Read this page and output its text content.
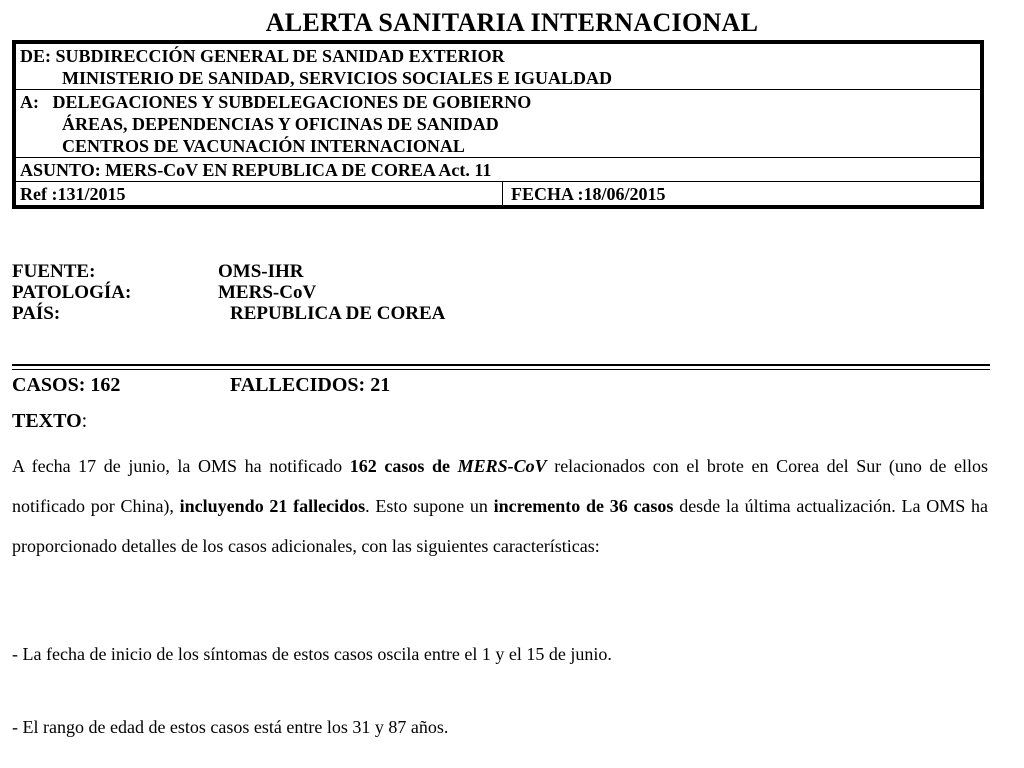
ALERTA SANITARIA INTERNACIONAL
DE: SUBDIRECCIÓN GENERAL DE SANIDAD EXTERIOR
MINISTERIO DE SANIDAD, SERVICIOS SOCIALES E IGUALDAD
A:   DELEGACIONES Y SUBDELEGACIONES DE GOBIERNO
ÁREAS, DEPENDENCIAS Y OFICINAS DE SANIDAD
CENTROS DE VACUNACIÓN INTERNACIONAL
ASUNTO: MERS-CoV EN REPUBLICA DE COREA Act. 11
Ref :131/2015	FECHA :18/06/2015
FUENTE:	OMS-IHR
PATOLOGÍA:	MERS-CoV
PAÍS:	REPUBLICA DE COREA
CASOS: 162	FALLECIDOS: 21
TEXTO:

A fecha 17 de junio, la OMS ha notificado 162 casos de MERS-CoV relacionados con el brote en Corea del Sur (uno de ellos notificado por China), incluyendo 21 fallecidos. Esto supone un incremento de 36 casos desde la última actualización. La OMS ha proporcionado detalles de los casos adicionales, con las siguientes características:

- La fecha de inicio de los síntomas de estos casos oscila entre el 1 y el 15 de junio.
- El rango de edad de estos casos está entre los 31 y 87 años.
